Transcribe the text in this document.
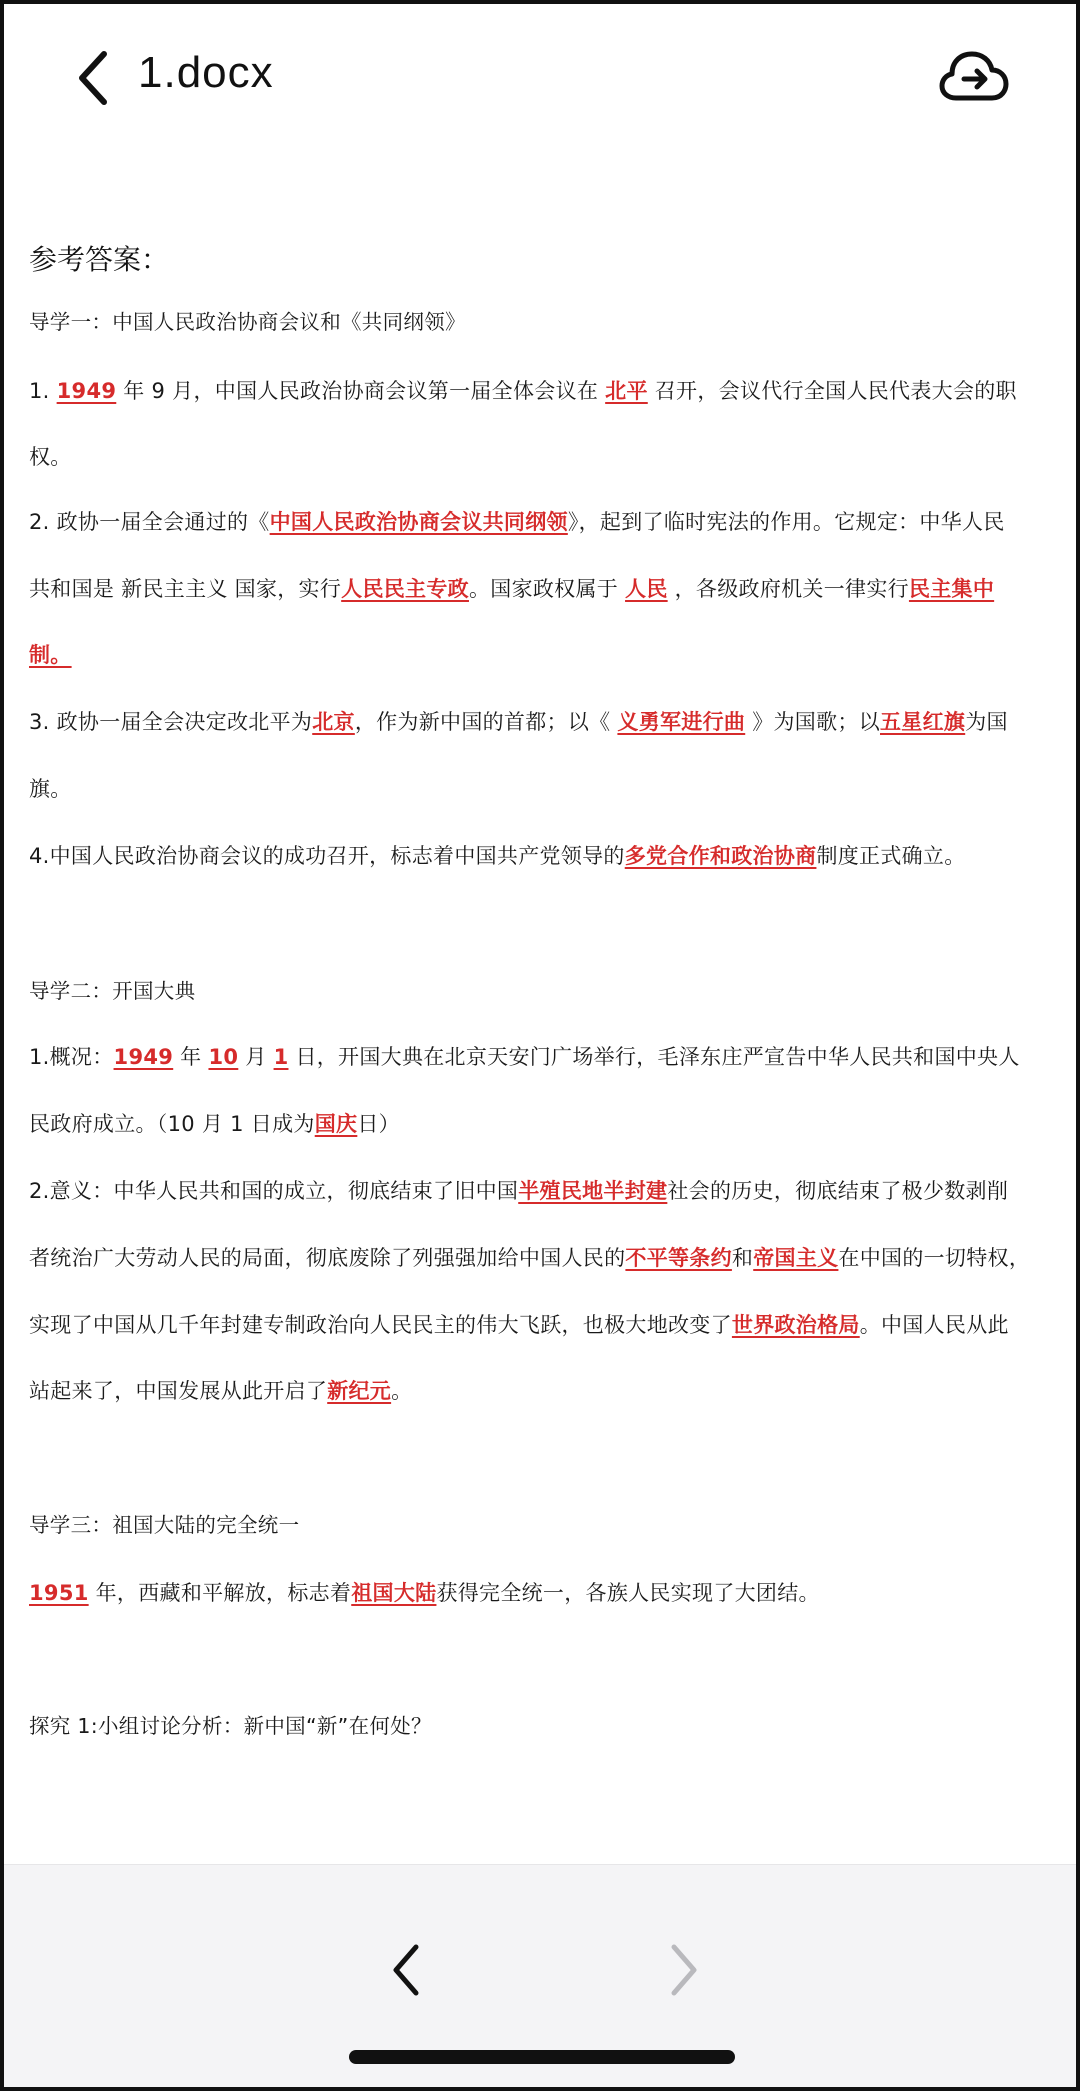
1.docx
参考答案：
导学一：中国人民政治协商会议和《共同纲领》
1. 1949 年 9 月，中国人民政治协商会议第一届全体会议在 北平 召开，会议代行全国人民代表大会的职
权。
2. 政协一届全会通过的《中国人民政治协商会议共同纲领》，起到了临时宪法的作用。它规定：中华人民
共和国是 新民主主义 国家，实行人民民主专政。国家政权属于 人民 ，各级政府机关一律实行民主集中
制。
3. 政协一届全会决定改北平为北京，作为新中国的首都；以《 义勇军进行曲 》为国歌；以五星红旗为国
旗。
4.中国人民政治协商会议的成功召开，标志着中国共产党领导的多党合作和政治协商制度正式确立。
导学二：开国大典
1.概况：1949 年 10 月 1 日，开国大典在北京天安门广场举行，毛泽东庄严宣告中华人民共和国中央人
民政府成立。（10 月 1 日成为国庆日）
2.意义：中华人民共和国的成立，彻底结束了旧中国半殖民地半封建社会的历史，彻底结束了极少数剥削
者统治广大劳动人民的局面，彻底废除了列强强加给中国人民的不平等条约和帝国主义在中国的一切特权，
实现了中国从几千年封建专制政治向人民民主的伟大飞跃，也极大地改变了世界政治格局。中国人民从此
站起来了，中国发展从此开启了新纪元。
导学三：祖国大陆的完全统一
1951 年，西藏和平解放，标志着祖国大陆获得完全统一，各族人民实现了大团结。
探究 1:小组讨论分析：新中国“新”在何处？
